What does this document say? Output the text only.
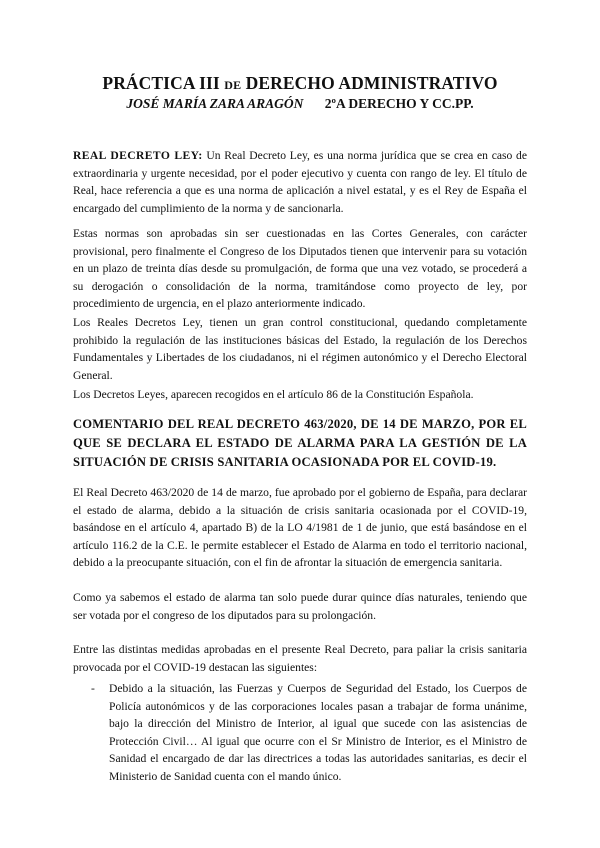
PRÁCTICA III DE DERECHO ADMINISTRATIVO
JOSÉ MARÍA ZARA ARAGÓN 2ºA DERECHO Y CC.PP.

REAL DECRETO LEY: Un Real Decreto Ley, es una norma jurídica que se crea en caso de extraordinaria y urgente necesidad, por el poder ejecutivo y cuenta con rango de ley. El título de Real, hace referencia a que es una norma de aplicación a nivel estatal, y es el Rey de España el encargado del cumplimiento de la norma y de sancionarla.

Estas normas son aprobadas sin ser cuestionadas en las Cortes Generales, con carácter provisional, pero finalmente el Congreso de los Diputados tienen que intervenir para su votación en un plazo de treinta días desde su promulgación, de forma que una vez votado, se procederá a su derogación o consolidación de la norma, tramitándose como proyecto de ley, por procedimiento de urgencia, en el plazo anteriormente indicado.

Los Reales Decretos Ley, tienen un gran control constitucional, quedando completamente prohibido la regulación de las instituciones básicas del Estado, la regulación de los Derechos Fundamentales y Libertades de los ciudadanos, ni el régimen autonómico y el Derecho Electoral General.

Los Decretos Leyes, aparecen recogidos en el artículo 86 de la Constitución Española.

COMENTARIO DEL REAL DECRETO 463/2020, DE 14 DE MARZO, POR EL QUE SE DECLARA EL ESTADO DE ALARMA PARA LA GESTIÓN DE LA SITUACIÓN DE CRISIS SANITARIA OCASIONADA POR EL COVID-19.

El Real Decreto 463/2020 de 14 de marzo, fue aprobado por el gobierno de España, para declarar el estado de alarma, debido a la situación de crisis sanitaria ocasionada por el COVID-19, basándose en el artículo 4, apartado B) de la LO 4/1981 de 1 de junio, que está basándose en el artículo 116.2 de la C.E. le permite establecer el Estado de Alarma en todo el territorio nacional, debido a la preocupante situación, con el fin de afrontar la situación de emergencia sanitaria.

Como ya sabemos el estado de alarma tan solo puede durar quince días naturales, teniendo que ser votada por el congreso de los diputados para su prolongación.

Entre las distintas medidas aprobadas en el presente Real Decreto, para paliar la crisis sanitaria provocada por el COVID-19 destacan las siguientes:

-	Debido a la situación, las Fuerzas y Cuerpos de Seguridad del Estado, los Cuerpos de Policía autonómicos y de las corporaciones locales pasan a trabajar de forma unánime, bajo la dirección del Ministro de Interior, al igual que sucede con las asistencias de Protección Civil… Al igual que ocurre con el Sr Ministro de Interior, es el Ministro de Sanidad el encargado de dar las directrices a todas las autoridades sanitarias, es decir el Ministerio de Sanidad cuenta con el mando único.
